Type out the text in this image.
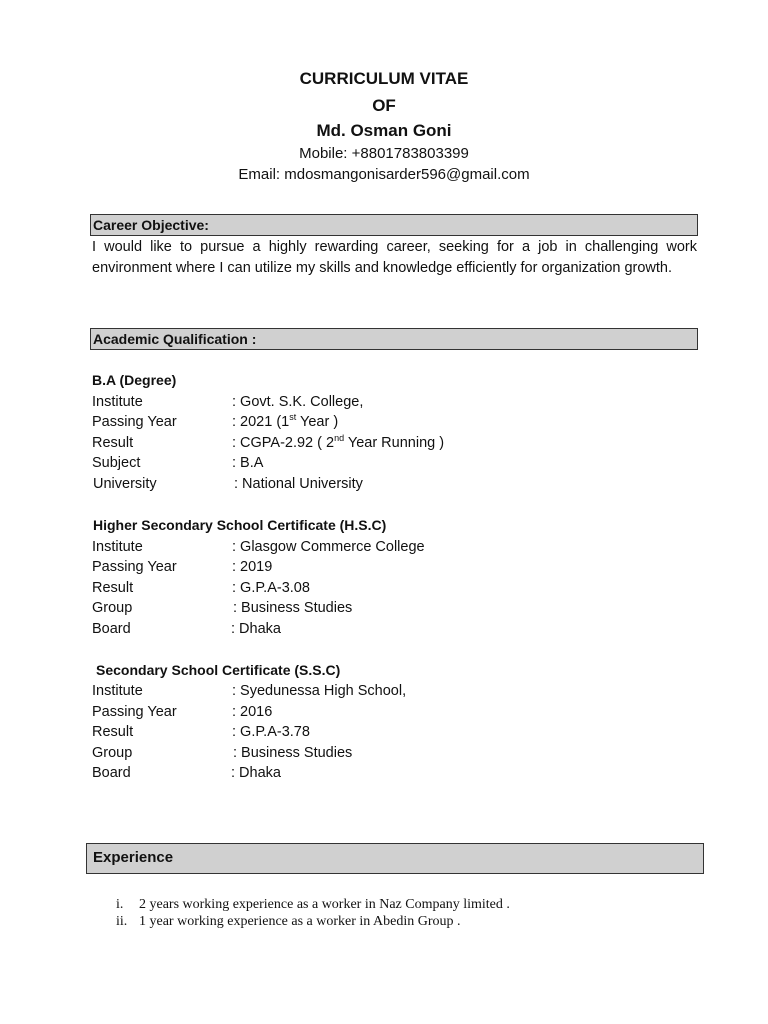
CURRICULUM VITAE
OF
Md. Osman Goni
Mobile: +8801783803399
Email: mdosmangonisarder596@gmail.com
Career Objective:

I would like to pursue a highly rewarding career, seeking for a job in challenging work environment where I can utilize my skills and knowledge efficiently for organization growth.

Academic Qualification :
B.A (Degree)
Institute	: Govt. S.K. College,
Passing Year	: 2021 (1st Year )
Result	: CGPA-2.92 ( 2nd Year Running )
Subject	: B.A
University	: National University
Higher Secondary School Certificate (H.S.C)
Institute	: Glasgow Commerce College
Passing Year	: 2019
Result	: G.P.A-3.08
Group	: Business Studies
Board	: Dhaka
Secondary School Certificate (S.S.C)
Institute	: Syedunessa High School,
Passing Year	: 2016
Result	: G.P.A-3.78
Group	: Business Studies
Board	: Dhaka
Experience
i. 2 years working experience as a worker in Naz Company limited .
ii. 1 year working experience as a worker in Abedin Group .
